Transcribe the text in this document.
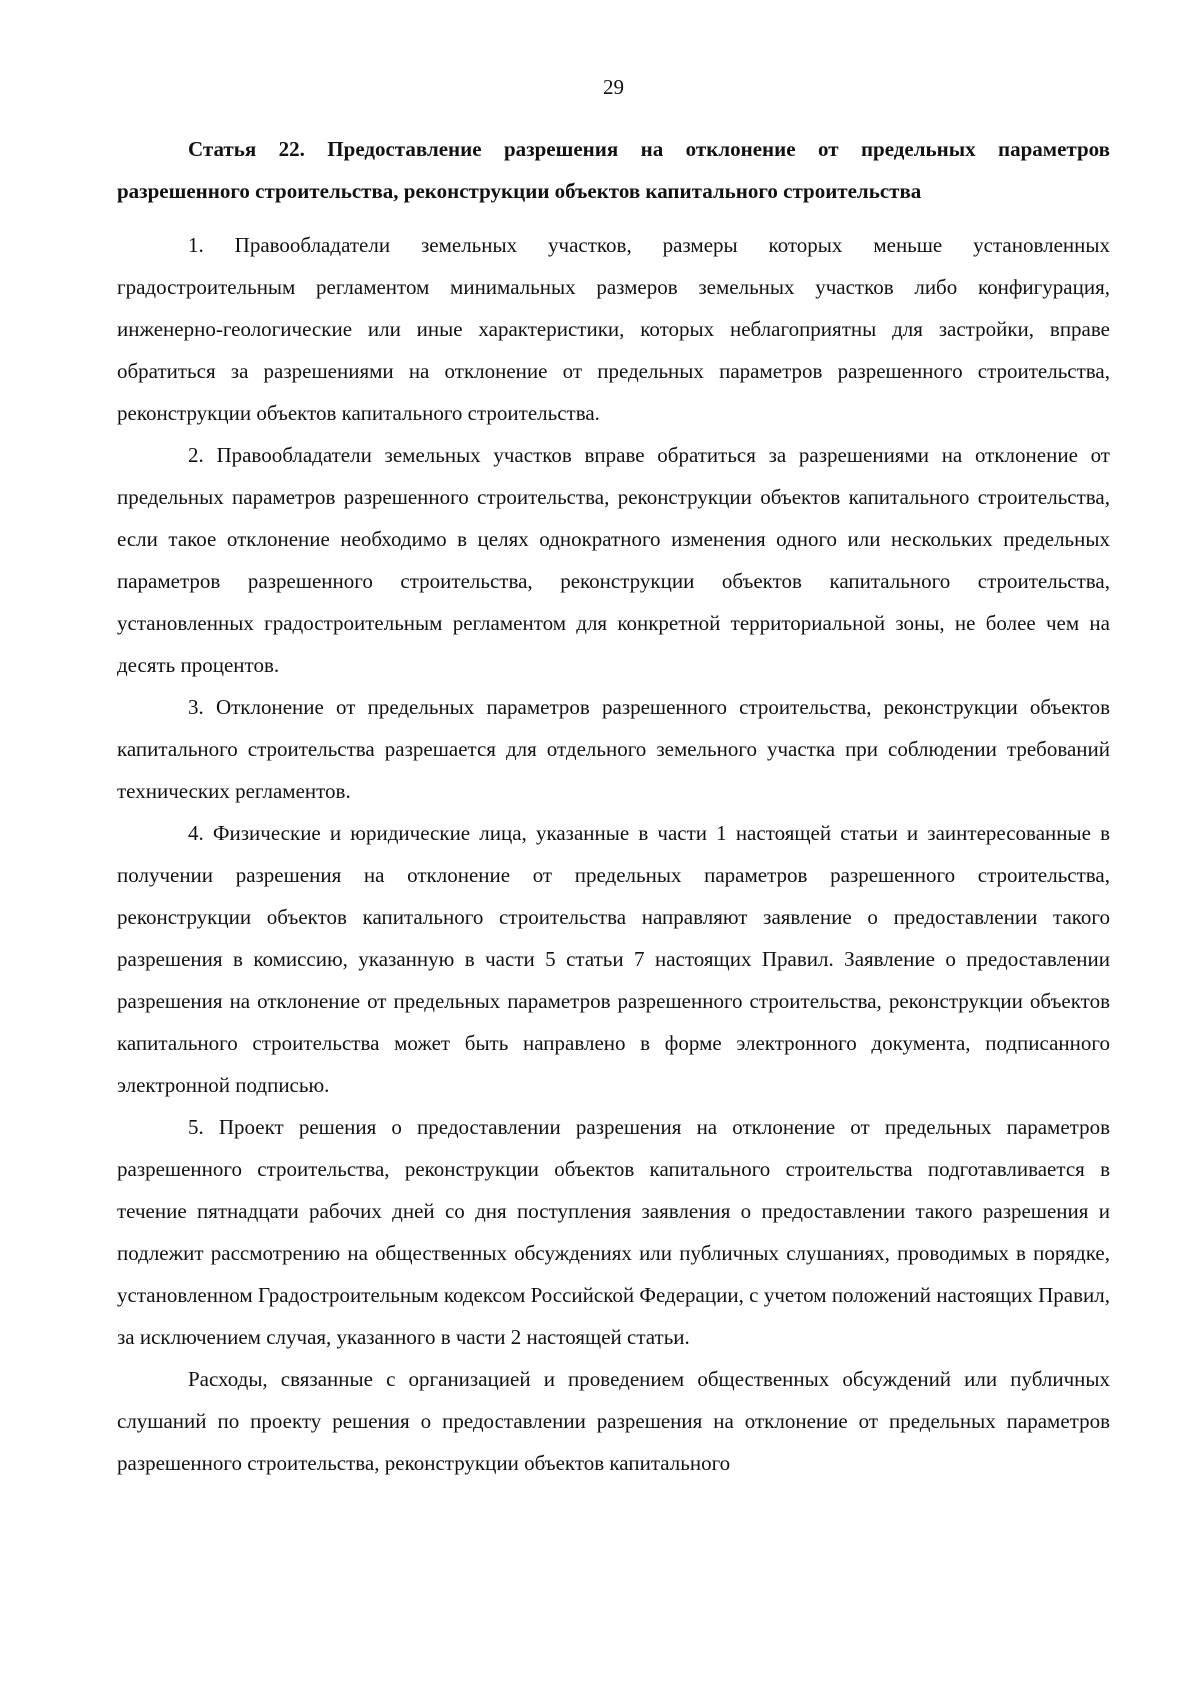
29

Статья 22. Предоставление разрешения на отклонение от предельных параметров разрешенного строительства, реконструкции объектов капитального строительства

1. Правообладатели земельных участков, размеры которых меньше установленных градостроительным регламентом минимальных размеров земельных участков либо конфигурация, инженерно-геологические или иные характеристики, которых неблагоприятны для застройки, вправе обратиться за разрешениями на отклонение от предельных параметров разрешенного строительства, реконструкции объектов капитального строительства.

2. Правообладатели земельных участков вправе обратиться за разрешениями на отклонение от предельных параметров разрешенного строительства, реконструкции объектов капитального строительства, если такое отклонение необходимо в целях однократного изменения одного или нескольких предельных параметров разрешенного строительства, реконструкции объектов капитального строительства, установленных градостроительным регламентом для конкретной территориальной зоны, не более чем на десять процентов.

3. Отклонение от предельных параметров разрешенного строительства, реконструкции объектов капитального строительства разрешается для отдельного земельного участка при соблюдении требований технических регламентов.

4. Физические и юридические лица, указанные в части 1 настоящей статьи и заинтересованные в получении разрешения на отклонение от предельных параметров разрешенного строительства, реконструкции объектов капитального строительства направляют заявление о предоставлении такого разрешения в комиссию, указанную в части 5 статьи 7 настоящих Правил. Заявление о предоставлении разрешения на отклонение от предельных параметров разрешенного строительства, реконструкции объектов капитального строительства может быть направлено в форме электронного документа, подписанного электронной подписью.

5. Проект решения о предоставлении разрешения на отклонение от предельных параметров разрешенного строительства, реконструкции объектов капитального строительства подготавливается в течение пятнадцати рабочих дней со дня поступления заявления о предоставлении такого разрешения и подлежит рассмотрению на общественных обсуждениях или публичных слушаниях, проводимых в порядке, установленном Градостроительным кодексом Российской Федерации, с учетом положений настоящих Правил, за исключением случая, указанного в части 2 настоящей статьи.

Расходы, связанные с организацией и проведением общественных обсуждений или публичных слушаний по проекту решения о предоставлении разрешения на отклонение от предельных параметров разрешенного строительства, реконструкции объектов капитального
